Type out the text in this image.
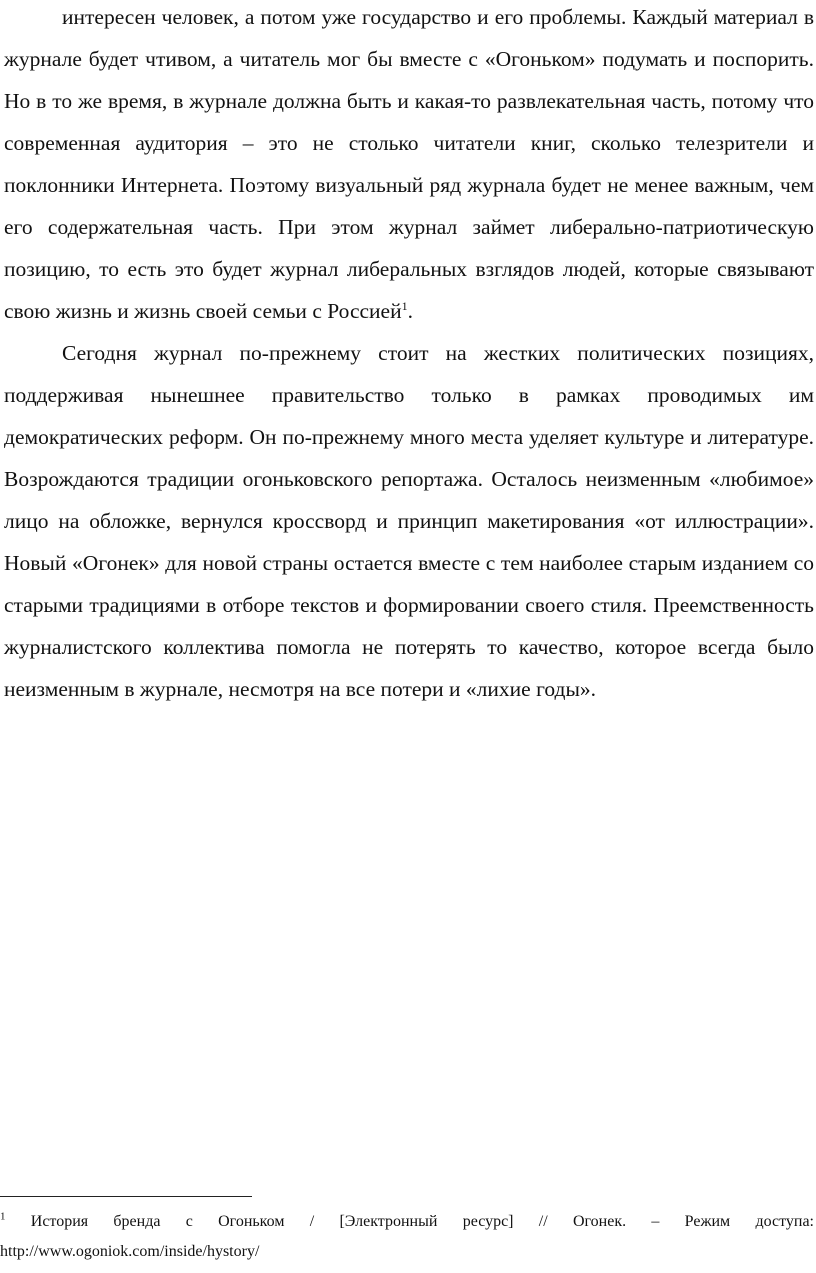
интересен человек, а потом уже государство и его проблемы. Каждый материал в журнале будет чтивом, а читатель мог бы вместе с «Огоньком» подумать и поспорить. Но в то же время, в журнале должна быть и какая-то развлекательная часть, потому что современная аудитория – это не столько читатели книг, сколько телезрители и поклонники Интернета. Поэтому визуальный ряд журнала будет не менее важным, чем его содержательная часть. При этом журнал займет либерально-патриотическую позицию, то есть это будет журнал либеральных взглядов людей, которые связывают свою жизнь и жизнь своей семьи с Россией$^1$.

Сегодня журнал по-прежнему стоит на жестких политических позициях, поддерживая нынешнее правительство только в рамках проводимых им демократических реформ. Он по-прежнему много места уделяет культуре и литературе. Возрождаются традиции огоньковского репортажа. Осталось неизменным «любимое» лицо на обложке, вернулся кроссворд и принцип макетирования «от иллюстрации». Новый «Огонек» для новой страны остается вместе с тем наиболее старым изданием со старыми традициями в отборе текстов и формировании своего стиля. Преемственность журналистского коллектива помогла не потерять то качество, которое всегда было неизменным в журнале, несмотря на все потери и «лихие годы».

$^1$ История бренда с Огоньком / [Электронный ресурс] // Огонек. – Режим доступа: http://www.ogoniok.com/inside/hystory/
